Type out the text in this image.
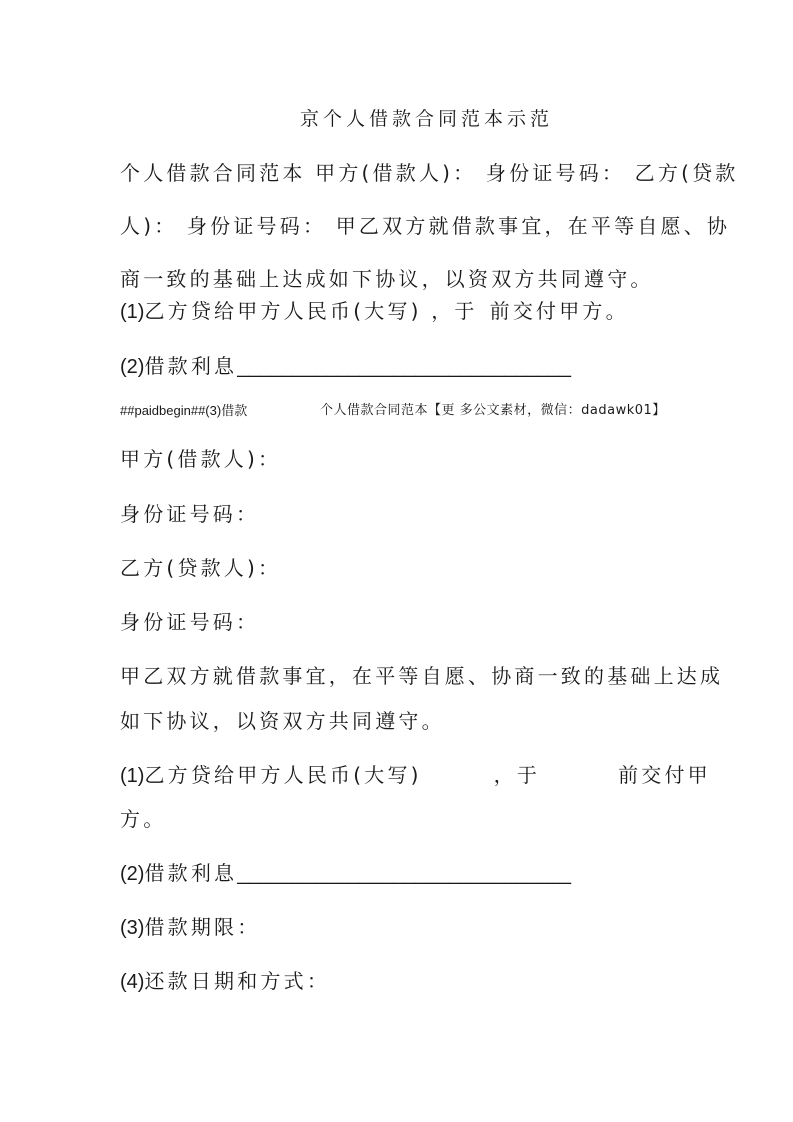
京个人借款合同范本示范
个人借款合同范本 甲方(借款人)： 身份证号码： 乙方(贷款
人)： 身份证号码： 甲乙双方就借款事宜，在平等自愿、协
商一致的基础上达成如下协议，以资双方共同遵守。
(1)乙方贷给甲方人民币(大写) ，于 前交付甲方。
(2)借款利息______________________________
##paidbegin##(3)借款	个人借款合同范本【更 多公文素材，微信：dadawk01】
甲方(借款人)：
身份证号码：
乙方(贷款人)：
身份证号码：
甲乙双方就借款事宜，在平等自愿、协商一致的基础上达成
如下协议，以资双方共同遵守。
(1)乙方贷给甲方人民币(大写)	，于	前交付甲
方。
(2)借款利息______________________________
(3)借款期限：
(4)还款日期和方式：
